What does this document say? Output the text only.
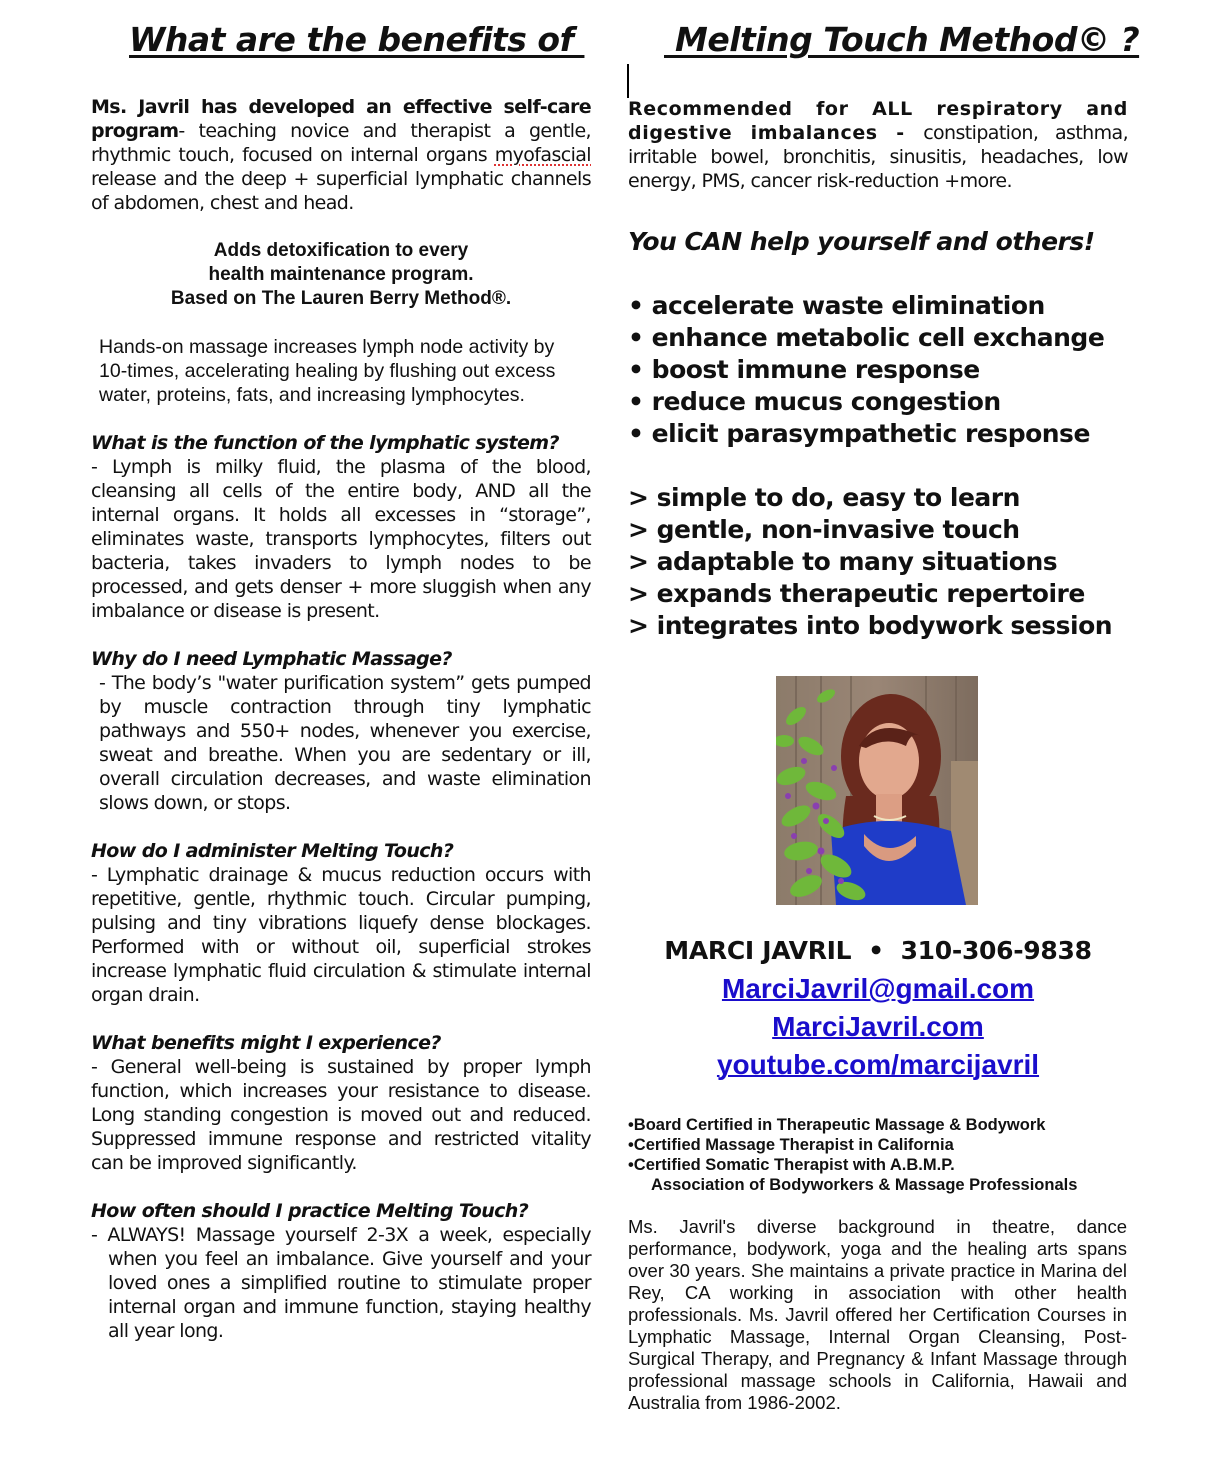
What are the benefits of Melting Touch Method© ?
Ms. Javril has developed an effective self-care program- teaching novice and therapist a gentle, rhythmic touch, focused on internal organs myofascial release and the deep + superficial lymphatic channels of abdomen, chest and head.
Adds detoxification to every
health maintenance program.
Based on The Lauren Berry Method®.
Hands-on massage increases lymph node activity by 10-times, accelerating healing by flushing out excess water, proteins, fats, and increasing lymphocytes.
What is the function of the lymphatic system?
- Lymph is milky fluid, the plasma of the blood, cleansing all cells of the entire body, AND all the internal organs. It holds all excesses in “storage”, eliminates waste, transports lymphocytes, filters out bacteria, takes invaders to lymph nodes to be processed, and gets denser + more sluggish when any imbalance or disease is present.
Why do I need Lymphatic Massage?
- The body’s "water purification system” gets pumped by muscle contraction through tiny lymphatic pathways and 550+ nodes, whenever you exercise, sweat and breathe. When you are sedentary or ill, overall circulation decreases, and waste elimination slows down, or stops.
How do I administer Melting Touch?
- Lymphatic drainage & mucus reduction occurs with repetitive, gentle, rhythmic touch. Circular pumping, pulsing and tiny vibrations liquefy dense blockages. Performed with or without oil, superficial strokes increase lymphatic fluid circulation & stimulate internal organ drain.
What benefits might I experience?
- General well-being is sustained by proper lymph function, which increases your resistance to disease. Long standing congestion is moved out and reduced. Suppressed immune response and restricted vitality can be improved significantly.
How often should I practice Melting Touch?
- ALWAYS! Massage yourself 2-3X a week, especially when you feel an imbalance. Give yourself and your loved ones a simplified routine to stimulate proper internal organ and immune function, staying healthy all year long.
Recommended for ALL respiratory and digestive imbalances - constipation, asthma, irritable bowel, bronchitis, sinusitis, headaches, low energy, PMS, cancer risk-reduction +more.
You CAN help yourself and others!
• accelerate waste elimination
• enhance metabolic cell exchange
• boost immune response
• reduce mucus congestion
• elicit parasympathetic response
> simple to do, easy to learn
> gentle, non-invasive touch
> adaptable to many situations
> expands therapeutic repertoire
> integrates into bodywork session
MARCI JAVRIL  •  310-306-9838
MarciJavril@gmail.com
MarciJavril.com
youtube.com/marcijavril
•Board Certified in Therapeutic Massage & Bodywork
•Certified Massage Therapist in California
•Certified Somatic Therapist with A.B.M.P.
Association of Bodyworkers & Massage Professionals
Ms. Javril's diverse background in theatre, dance performance, bodywork, yoga and the healing arts spans over 30 years. She maintains a private practice in Marina del Rey, CA working in association with other health professionals. Ms. Javril offered her Certification Courses in Lymphatic Massage, Internal Organ Cleansing, Post-Surgical Therapy, and Pregnancy & Infant Massage through professional massage schools in California, Hawaii and Australia from 1986-2002.
